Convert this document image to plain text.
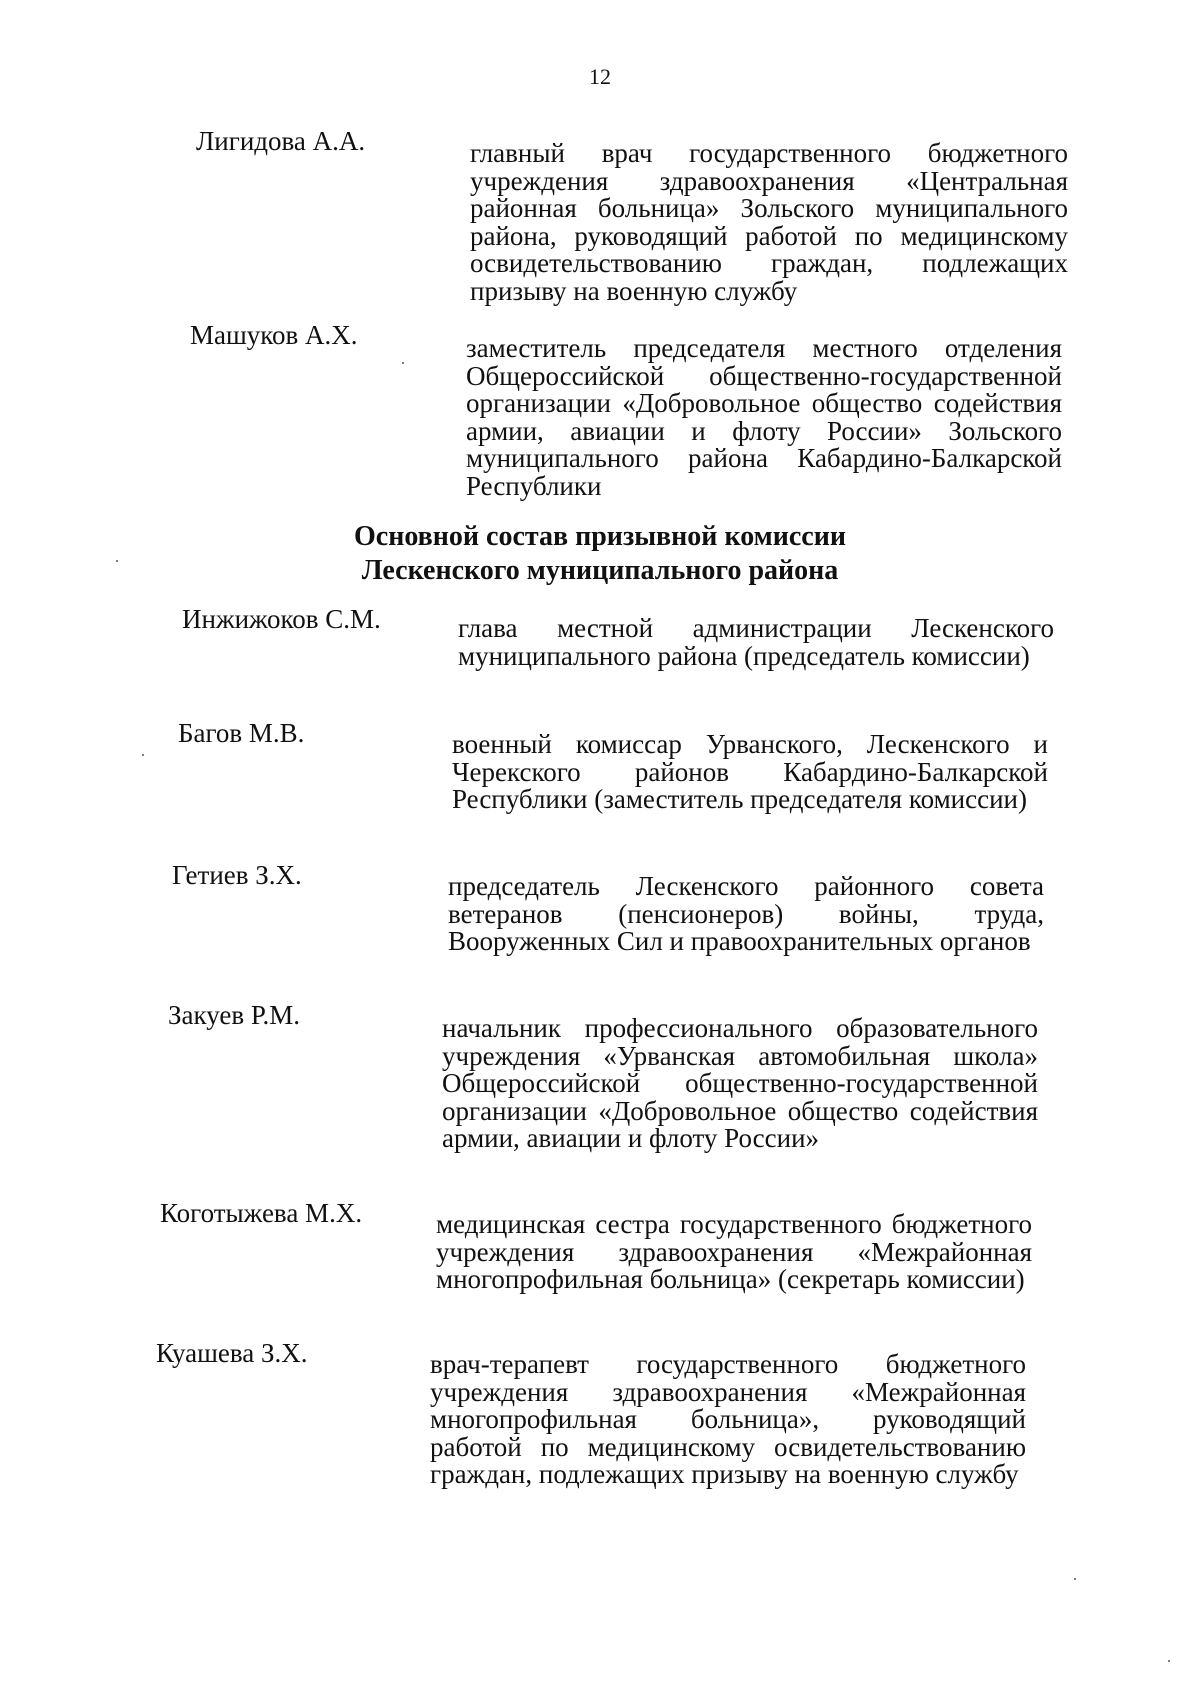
12
Лигидова А.А.	главный врач государственного бюджетного учреждения здравоохранения «Центральная районная больница» Зольского муниципального района, руководящий работой по медицинскому освидетельствованию граждан, подлежащих призыву на военную службу
Машуков А.Х.	заместитель председателя местного отделения Общероссийской общественно-государственной организации «Добровольное общество содействия армии, авиации и флоту России» Зольского муниципального района Кабардино-Балкарской Республики
Основной состав призывной комиссии
Лескенского муниципального района
Инжижоков С.М.	глава местной администрации Лескенского муниципального района (председатель комиссии)
Багов М.В.	военный комиссар Урванского, Лескенского и Черекского районов Кабардино-Балкарской Республики (заместитель председателя комиссии)
Гетиев З.Х.	председатель Лескенского районного совета ветеранов (пенсионеров) войны, труда, Вооруженных Сил и правоохранительных органов
Закуев Р.М.	начальник профессионального образовательного учреждения «Урванская автомобильная школа» Общероссийской общественно-государственной организации «Добровольное общество содействия армии, авиации и флоту России»
Коготыжева М.Х.	медицинская сестра государственного бюджетного учреждения здравоохранения «Межрайонная многопрофильная больница» (секретарь комиссии)
Куашева З.Х.	врач-терапевт государственного бюджетного учреждения здравоохранения «Межрайонная многопрофильная больница», руководящий работой по медицинскому освидетельствованию граждан, подлежащих призыву на военную службу
